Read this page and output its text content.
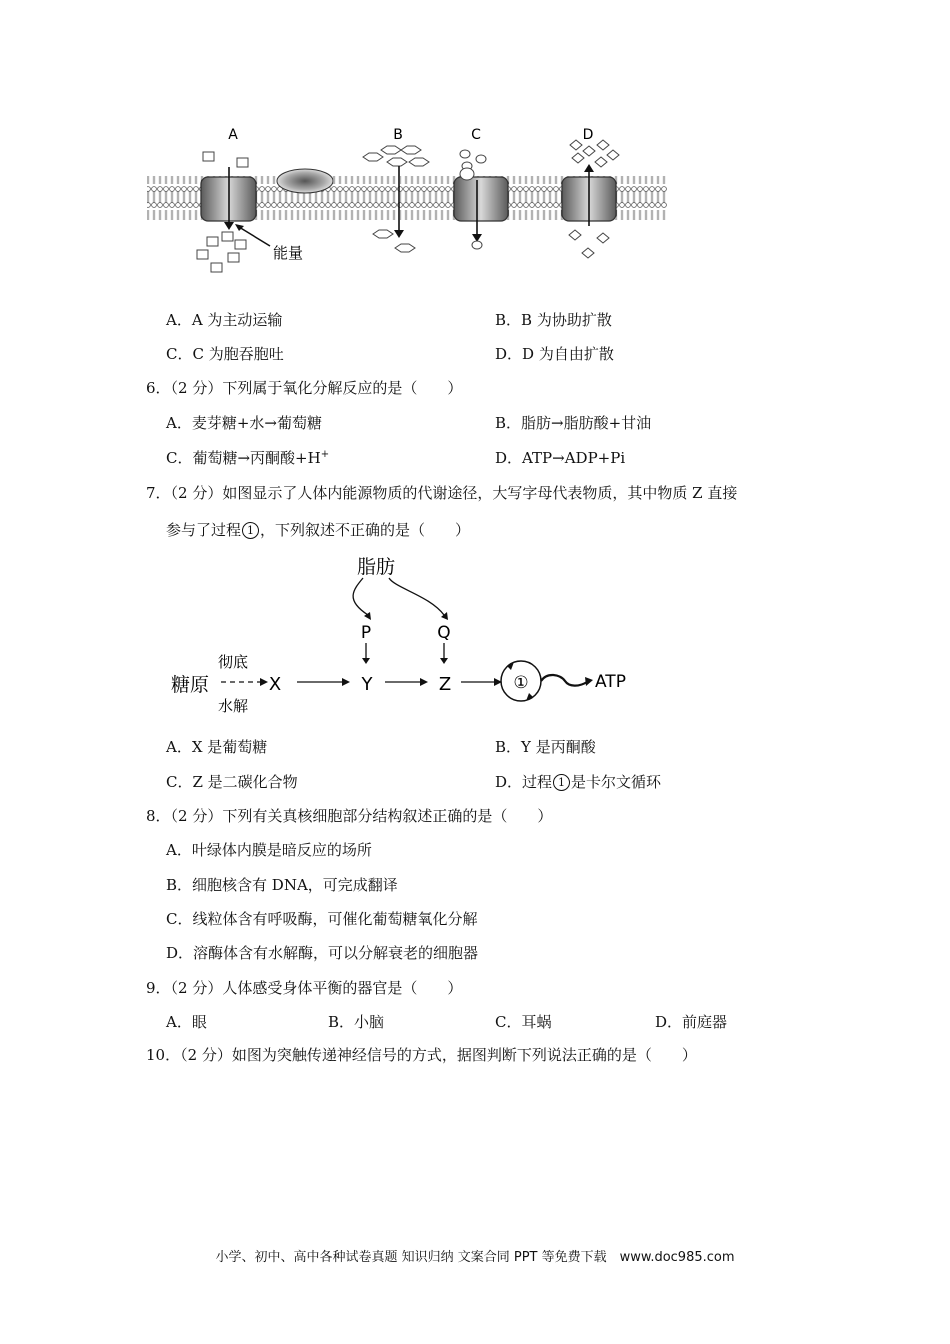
A
能量
B	C	D
A．A 为主动运输	B．B 为协助扩散
C．C 为胞吞胞吐	D．D 为自由扩散
6．（2 分）下列属于氧化分解反应的是（　　）
A．麦芽糖+水→葡萄糖	B．脂肪→脂肪酸+甘油
C．葡萄糖→丙酮酸+H+	D．ATP→ADP+Pi
7．（2 分）如图显示了人体内能源物质的代谢途径，大写字母代表物质，其中物质 Z 直接
参与了过程 1 ，下列叙述不正确的是（　　）
脂肪
P	Q
糖原
彻底
水解
X	Y	Z	①	ATP
A．X 是葡萄糖	B．Y 是丙酮酸
C．Z 是二碳化合物	D．过程 1 是卡尔文循环
8．（2 分）下列有关真核细胞部分结构叙述正确的是（　　）
A．叶绿体内膜是暗反应的场所
B．细胞核含有 DNA，可完成翻译
C．线粒体含有呼吸酶，可催化葡萄糖氧化分解
D．溶酶体含有水解酶，可以分解衰老的细胞器
9．（2 分）人体感受身体平衡的器官是（　　）
A．眼	B．小脑	C．耳蜗	D．前庭器
10．（2 分）如图为突触传递神经信号的方式，据图判断下列说法正确的是（　　）
小学、初中、高中各种试卷真题 知识归纳 文案合同 PPT 等免费下载　www.doc985.com
